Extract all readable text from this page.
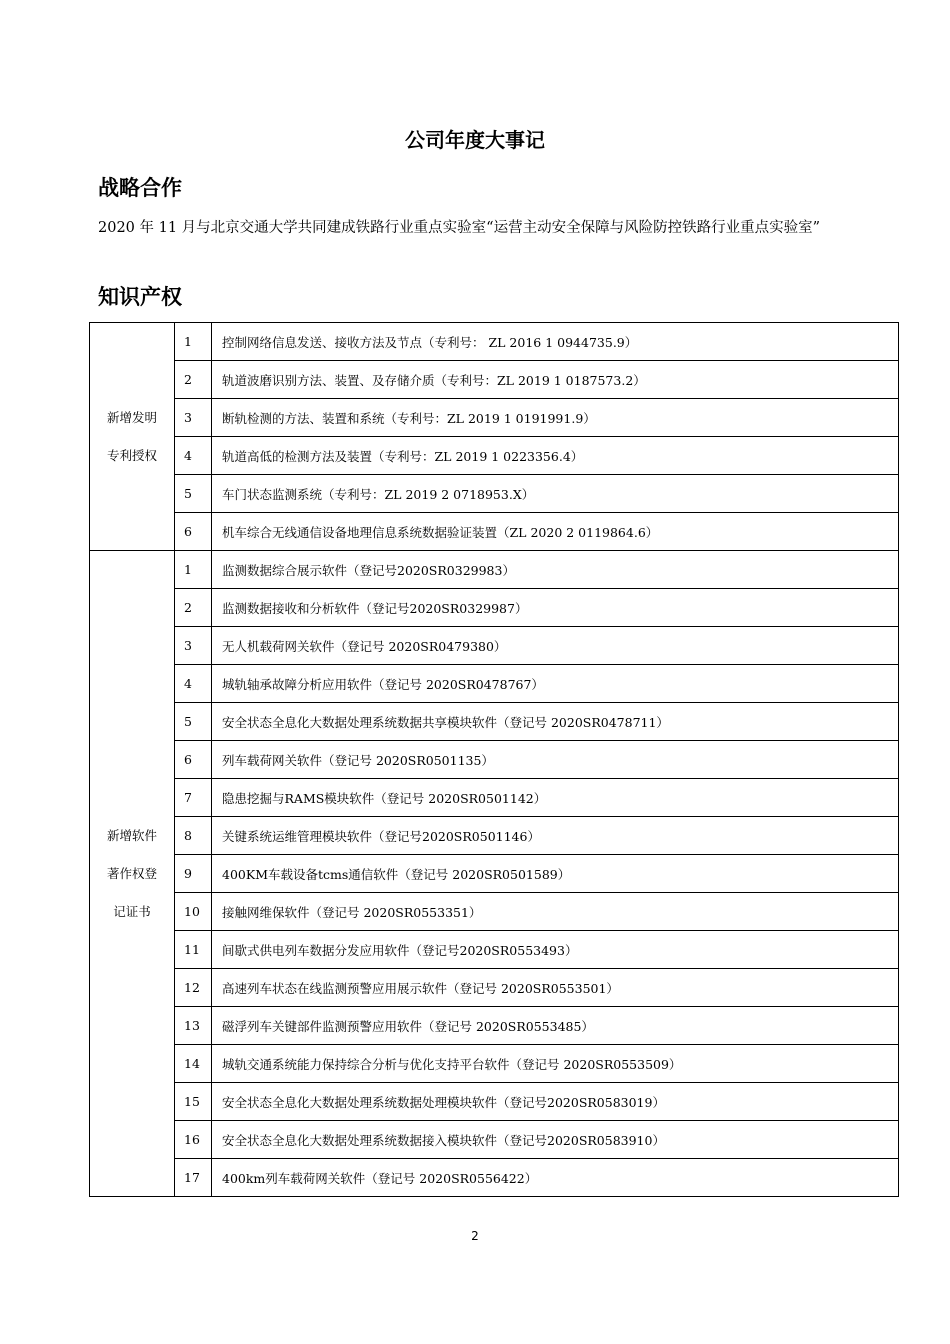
公司年度大事记
战略合作
2020 年 11 月与北京交通大学共同建成铁路行业重点实验室“运营主动安全保障与风险防控铁路行业重点实验室”
知识产权
新增发明
专利授权	1	控制网络信息发送、接收方法及节点（专利号： ZL 2016 1 0944735.9）
	2	轨道波磨识别方法、装置、及存储介质（专利号：ZL 2019 1 0187573.2）
	3	断轨检测的方法、装置和系统（专利号：ZL 2019 1 0191991.9）
	4	轨道高低的检测方法及装置（专利号：ZL 2019 1 0223356.4）
	5	车门状态监测系统（专利号：ZL 2019 2 0718953.X）
	6	机车综合无线通信设备地理信息系统数据验证装置（ZL 2020 2 0119864.6）

新增软件
著作权登
记证书	1	监测数据综合展示软件（登记号2020SR0329983）
	2	监测数据接收和分析软件（登记号2020SR0329987）
	3	无人机载荷网关软件（登记号 2020SR0479380）
	4	城轨轴承故障分析应用软件（登记号 2020SR0478767）
	5	安全状态全息化大数据处理系统数据共享模块软件（登记号 2020SR0478711）
	6	列车载荷网关软件（登记号 2020SR0501135）
	7	隐患挖掘与RAMS模块软件（登记号 2020SR0501142）
	8	关键系统运维管理模块软件（登记号2020SR0501146）
	9	400KM车载设备tcms通信软件（登记号 2020SR0501589）
	10	接触网维保软件（登记号 2020SR0553351）
	11	间歇式供电列车数据分发应用软件（登记号2020SR0553493）
	12	高速列车状态在线监测预警应用展示软件（登记号 2020SR0553501）
	13	磁浮列车关键部件监测预警应用软件（登记号 2020SR0553485）
	14	城轨交通系统能力保持综合分析与优化支持平台软件（登记号 2020SR0553509）
	15	安全状态全息化大数据处理系统数据处理模块软件（登记号2020SR0583019）
	16	安全状态全息化大数据处理系统数据接入模块软件（登记号2020SR0583910）
	17	400km列车载荷网关软件（登记号 2020SR0556422）
2
